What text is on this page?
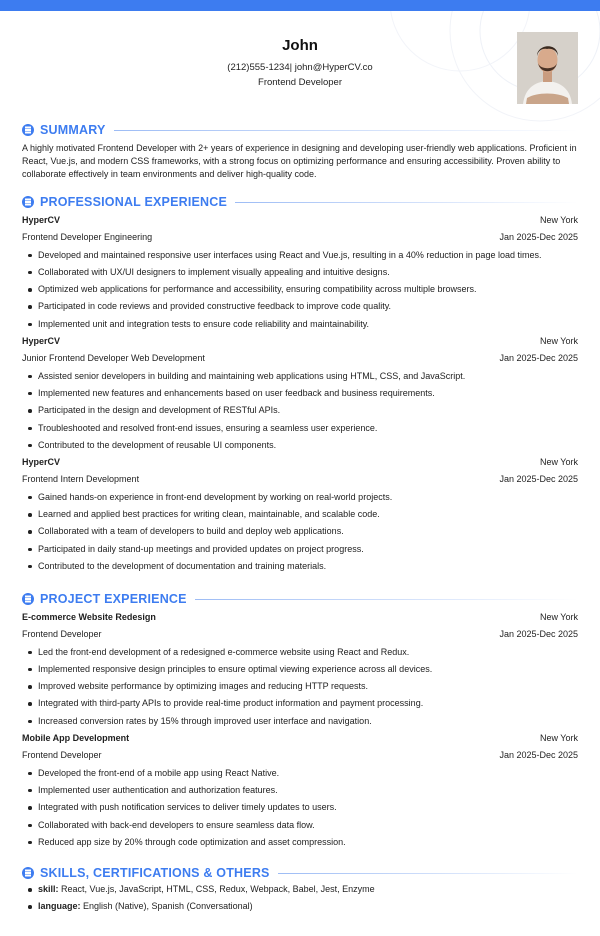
John
(212)555-1234| john@HyperCV.co
Frontend Developer
SUMMARY
A highly motivated Frontend Developer with 2+ years of experience in designing and developing user-friendly web applications. Proficient in React, Vue.js, and modern CSS frameworks, with a strong focus on optimizing performance and ensuring accessibility. Proven ability to collaborate effectively in team environments and deliver high-quality code.
PROFESSIONAL EXPERIENCE
HyperCV	New York
Frontend Developer Engineering	Jan 2025-Dec 2025
Developed and maintained responsive user interfaces using React and Vue.js, resulting in a 40% reduction in page load times.
Collaborated with UX/UI designers to implement visually appealing and intuitive designs.
Optimized web applications for performance and accessibility, ensuring compatibility across multiple browsers.
Participated in code reviews and provided constructive feedback to improve code quality.
Implemented unit and integration tests to ensure code reliability and maintainability.
HyperCV	New York
Junior Frontend Developer Web Development	Jan 2025-Dec 2025
Assisted senior developers in building and maintaining web applications using HTML, CSS, and JavaScript.
Implemented new features and enhancements based on user feedback and business requirements.
Participated in the design and development of RESTful APIs.
Troubleshooted and resolved front-end issues, ensuring a seamless user experience.
Contributed to the development of reusable UI components.
HyperCV	New York
Frontend Intern Development	Jan 2025-Dec 2025
Gained hands-on experience in front-end development by working on real-world projects.
Learned and applied best practices for writing clean, maintainable, and scalable code.
Collaborated with a team of developers to build and deploy web applications.
Participated in daily stand-up meetings and provided updates on project progress.
Contributed to the development of documentation and training materials.
PROJECT EXPERIENCE
E-commerce Website Redesign	New York
Frontend Developer	Jan 2025-Dec 2025
Led the front-end development of a redesigned e-commerce website using React and Redux.
Implemented responsive design principles to ensure optimal viewing experience across all devices.
Improved website performance by optimizing images and reducing HTTP requests.
Integrated with third-party APIs to provide real-time product information and payment processing.
Increased conversion rates by 15% through improved user interface and navigation.
Mobile App Development	New York
Frontend Developer	Jan 2025-Dec 2025
Developed the front-end of a mobile app using React Native.
Implemented user authentication and authorization features.
Integrated with push notification services to deliver timely updates to users.
Collaborated with back-end developers to ensure seamless data flow.
Reduced app size by 20% through code optimization and asset compression.
SKILLS, CERTIFICATIONS & OTHERS
skill: React, Vue.js, JavaScript, HTML, CSS, Redux, Webpack, Babel, Jest, Enzyme
language: English (Native), Spanish (Conversational)
